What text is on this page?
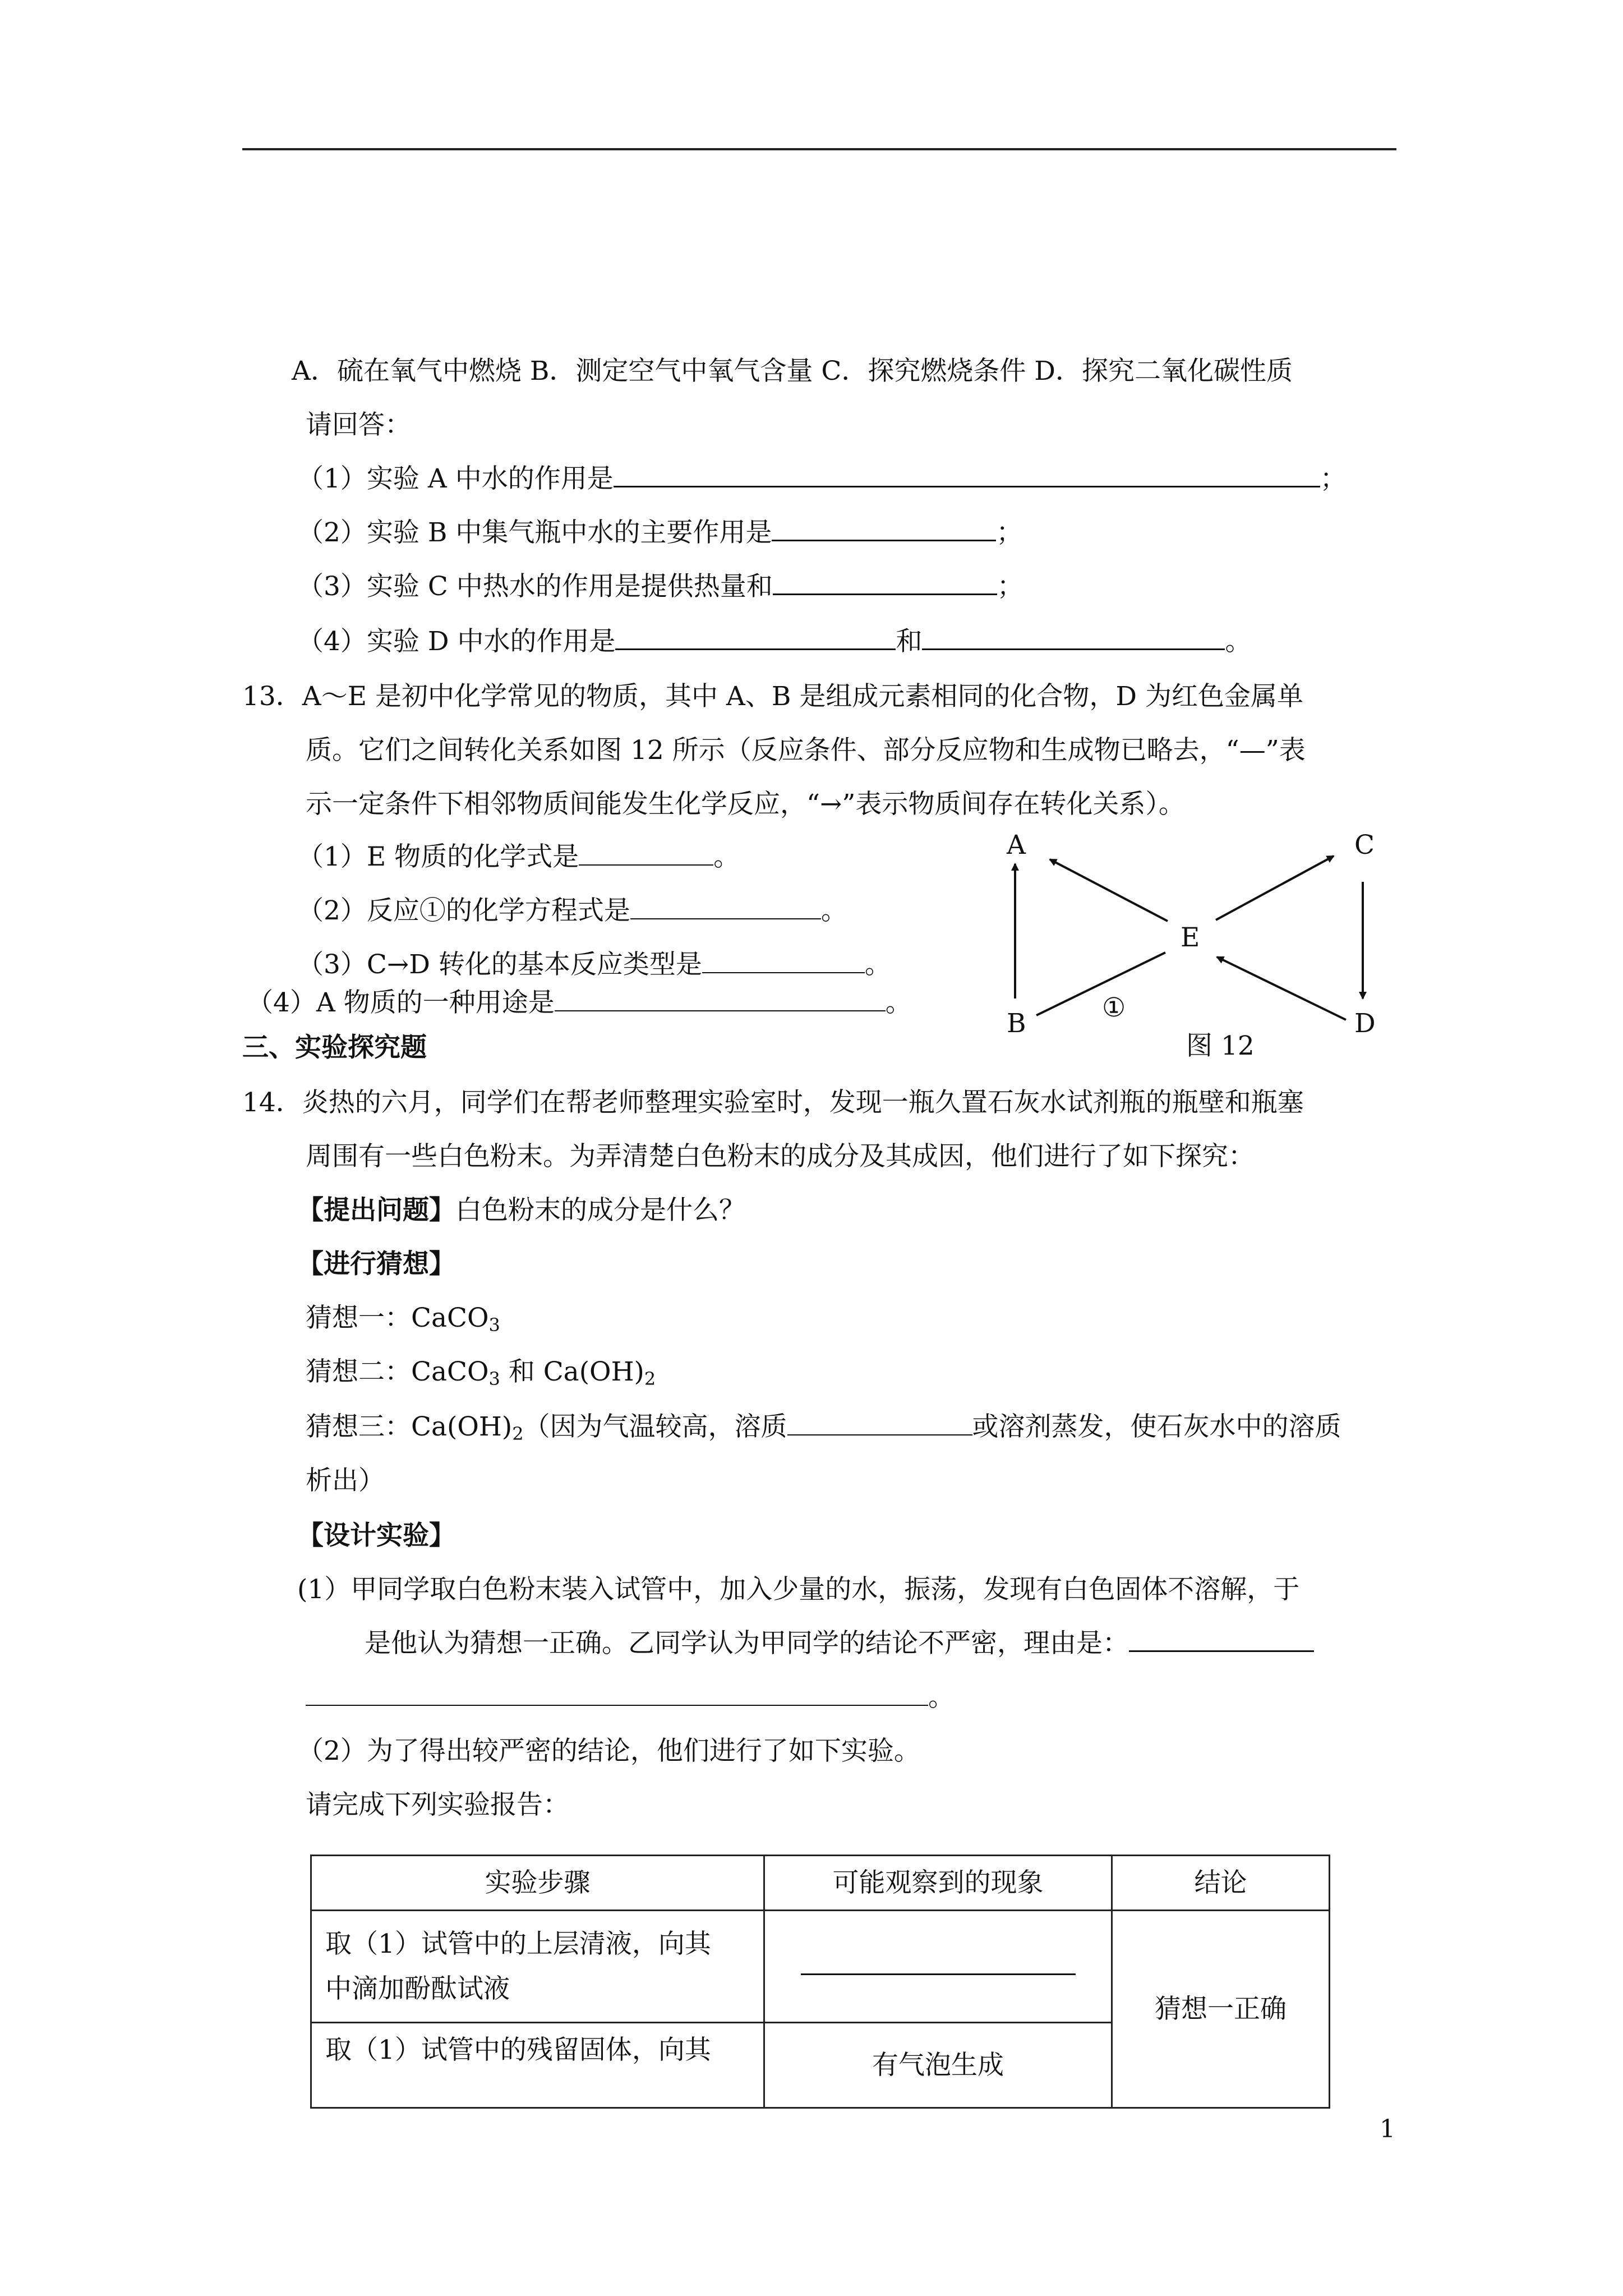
A．硫在氧气中燃烧 B．测定空气中氧气含量 C．探究燃烧条件 D．探究二氧化碳性质
请回答：
（1）实验 A 中水的作用是	；
（2）实验 B 中集气瓶中水的主要作用是	；
（3）实验 C 中热水的作用是提供热量和	；
（4）实验 D 中水的作用是	和	。
13．A～E 是初中化学常见的物质，其中 A、B 是组成元素相同的化合物，D 为红色金属单
质。它们之间转化关系如图 12 所示（反应条件、部分反应物和生成物已略去，“—”表
示一定条件下相邻物质间能发生化学反应，“→”表示物质间存在转化关系）。
（1）E 物质的化学式是	。
（2）反应①的化学方程式是	。
（3）C→D 转化的基本反应类型是	。
（4）A 物质的一种用途是	。
A	C
E
B	D
①
图 12
三、实验探究题
14．炎热的六月，同学们在帮老师整理实验室时，发现一瓶久置石灰水试剂瓶的瓶壁和瓶塞
周围有一些白色粉末。为弄清楚白色粉末的成分及其成因，他们进行了如下探究：
【提出问题】白色粉末的成分是什么？
【进行猜想】
猜想一：CaCO$_3$
猜想二：CaCO$_3$ 和 $Ca(OH)_2$
猜想三：$Ca(OH)_2$（因为气温较高，溶质	或溶剂蒸发，使石灰水中的溶质
析出）
【设计实验】
(1）甲同学取白色粉末装入试管中，加入少量的水，振荡，发现有白色固体不溶解，于
是他认为猜想一正确。乙同学认为甲同学的结论不严密，理由是：
。
（2）为了得出较严密的结论，他们进行了如下实验。
请完成下列实验报告：
实验步骤	可能观察到的现象	结论

取（1）试管中的上层清液，向其
中滴加酚酞试液		猜想一正确
取（1）试管中的残留固体，向其	有气泡生成	
1
